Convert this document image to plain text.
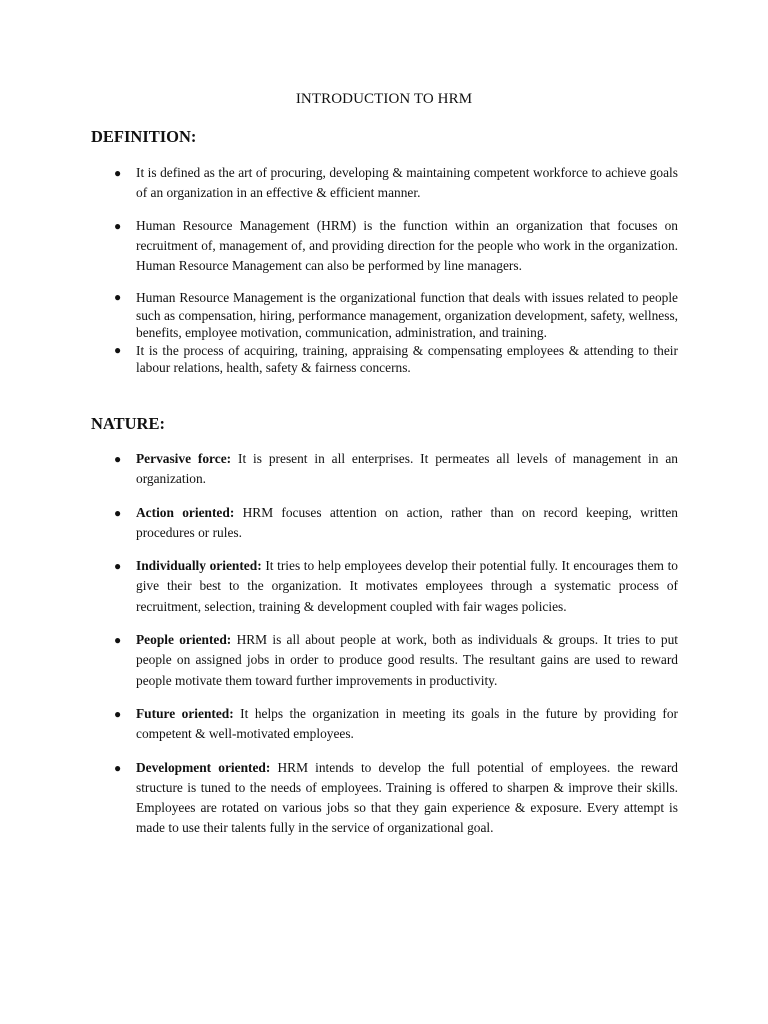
INTRODUCTION TO HRM
DEFINITION:
● It is defined as the art of procuring, developing & maintaining competent workforce to achieve goals of an organization in an effective & efficient manner.
● Human Resource Management (HRM) is the function within an organization that focuses on recruitment of, management of, and providing direction for the people who work in the organization. Human Resource Management can also be performed by line managers.
● Human Resource Management is the organizational function that deals with issues related to people such as compensation, hiring, performance management, organization development, safety, wellness, benefits, employee motivation, communication, administration, and training.
● It is the process of acquiring, training, appraising & compensating employees & attending to their labour relations, health, safety & fairness concerns.
NATURE:
● Pervasive force: It is present in all enterprises. It permeates all levels of management in an organization.
● Action oriented: HRM focuses attention on action, rather than on record keeping, written procedures or rules.
● Individually oriented: It tries to help employees develop their potential fully. It encourages them to give their best to the organization. It motivates employees through a systematic process of recruitment, selection, training & development coupled with fair wages policies.
● People oriented: HRM is all about people at work, both as individuals & groups. It tries to put people on assigned jobs in order to produce good results. The resultant gains are used to reward people motivate them toward further improvements in productivity.
● Future oriented: It helps the organization in meeting its goals in the future by providing for competent & well-motivated employees.
● Development oriented: HRM intends to develop the full potential of employees. the reward structure is tuned to the needs of employees. Training is offered to sharpen & improve their skills. Employees are rotated on various jobs so that they gain experience & exposure. Every attempt is made to use their talents fully in the service of organizational goal.
